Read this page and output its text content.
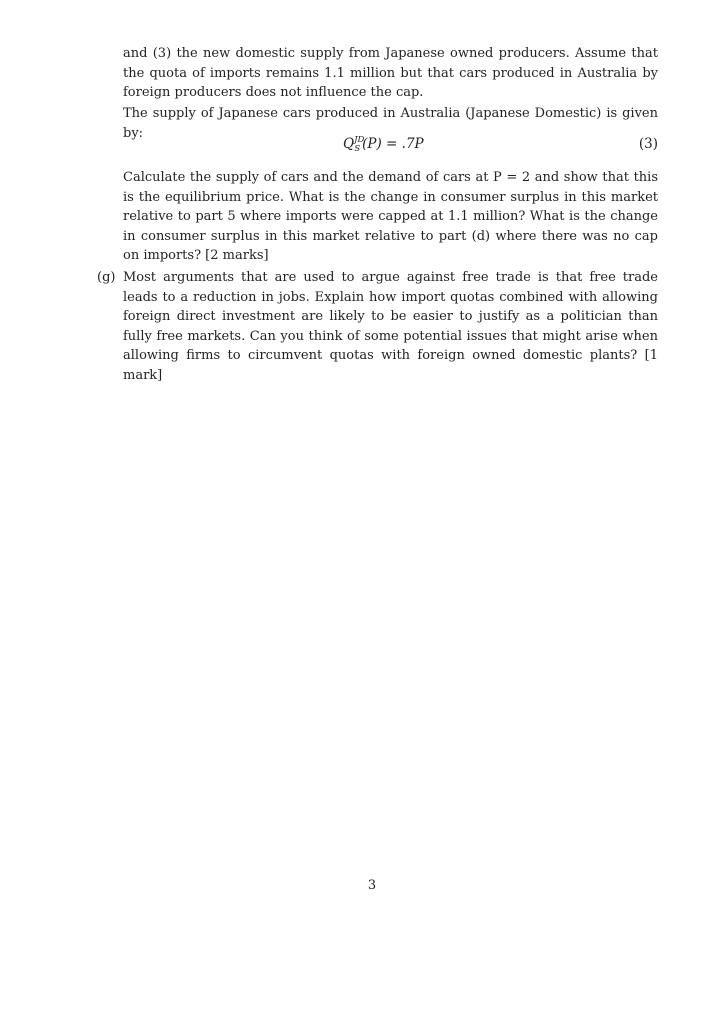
and (3) the new domestic supply from Japanese owned producers. Assume that the quota of imports remains 1.1 million but that cars produced in Australia by foreign producers does not influence the cap.

The supply of Japanese cars produced in Australia (Japanese Domestic) is given by:

$Q^{JD}_S$ (P) = .7P	(3)

Calculate the supply of cars and the demand of cars at P = 2 and show that this is the equilibrium price. What is the change in consumer surplus in this market relative to part 5 where imports were capped at 1.1 million? What is the change in consumer surplus in this market relative to part (d) where there was no cap on imports? [2 marks]

(g) Most arguments that are used to argue against free trade is that free trade leads to a reduction in jobs. Explain how import quotas combined with allowing foreign direct investment are likely to be easier to justify as a politician than fully free markets. Can you think of some potential issues that might arise when allowing firms to circumvent quotas with foreign owned domestic plants? [1 mark]

3
